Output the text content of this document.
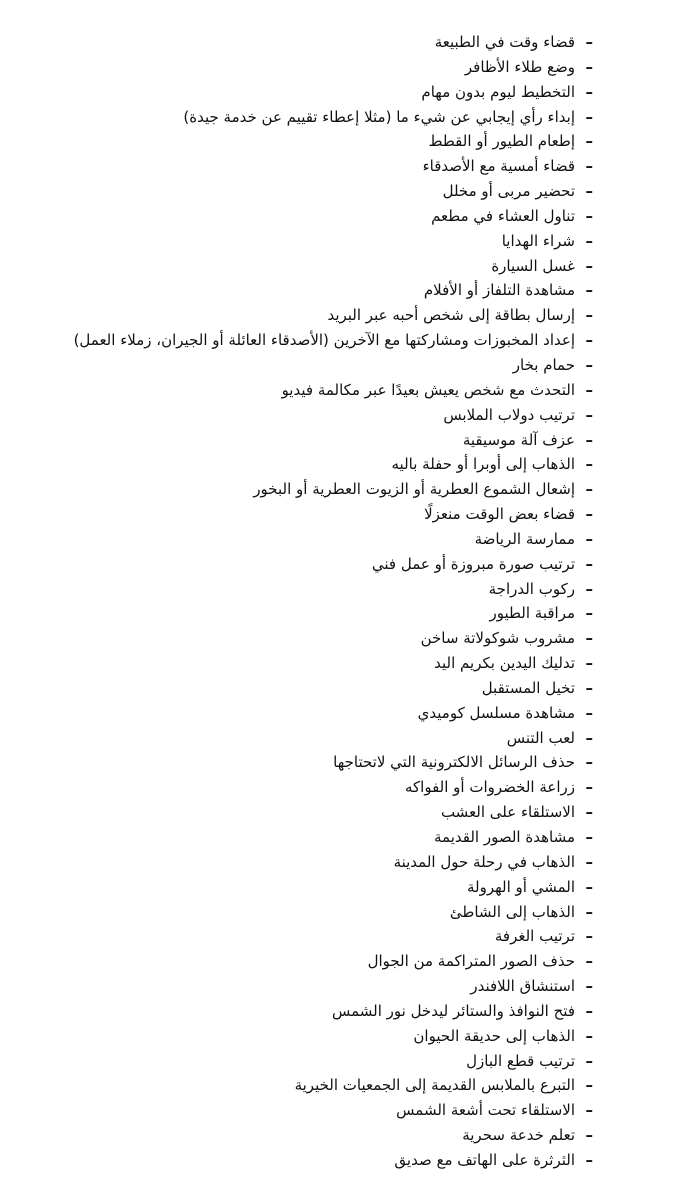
–
قضاء وقت في الطبيعة
–
وضع طلاء الأظافر
–
التخطيط ليوم بدون مهام
–
إبداء رأي إيجابي عن شيء ما (مثلا إعطاء تقييم عن خدمة جيدة)
–
إطعام الطيور أو القطط
–
قضاء أمسية مع الأصدقاء
–
تحضير مربى أو مخلل
–
تناول العشاء في مطعم
–
شراء الهدايا
–
غسل السيارة
–
مشاهدة التلفاز أو الأفلام
–
إرسال بطاقة إلى شخص أحبه عبر البريد
–
إعداد المخبوزات ومشاركتها مع الآخرين (الأصدقاء العائلة أو الجيران، زملاء العمل)
–
حمام بخار
–
التحدث مع شخص يعيش بعيدًا عبر مكالمة فيديو
–
ترتيب دولاب الملابس
–
عزف آلة موسيقية
–
الذهاب إلى أوبرا أو حفلة باليه
–
إشعال الشموع العطرية أو الزيوت العطرية أو البخور
–
قضاء بعض الوقت منعزلًا
–
ممارسة الرياضة
–
ترتيب صورة مبروزة أو عمل فني
–
ركوب الدراجة
–
مراقبة الطيور
–
مشروب شوكولاتة ساخن
–
تدليك اليدين بكريم اليد
–
تخيل المستقبل
–
مشاهدة مسلسل كوميدي
–
لعب التنس
–
حذف الرسائل الالكترونية التي لاتحتاجها
–
زراعة الخضروات أو الفواكه
–
الاستلقاء على العشب
–
مشاهدة الصور القديمة
–
الذهاب في رحلة حول المدينة
–
المشي أو الهرولة
–
الذهاب إلى الشاطئ
–
ترتيب الغرفة
–
حذف الصور المتراكمة من الجوال
–
استنشاق اللافندر
–
فتح النوافذ والستائر ليدخل نور الشمس
–
الذهاب إلى حديقة الحيوان
–
ترتيب قطع البازل
–
التبرع بالملابس القديمة إلى الجمعيات الخيرية
–
الاستلقاء تحت أشعة الشمس
–
تعلم خدعة سحرية
–
الثرثرة على الهاتف مع صديق
